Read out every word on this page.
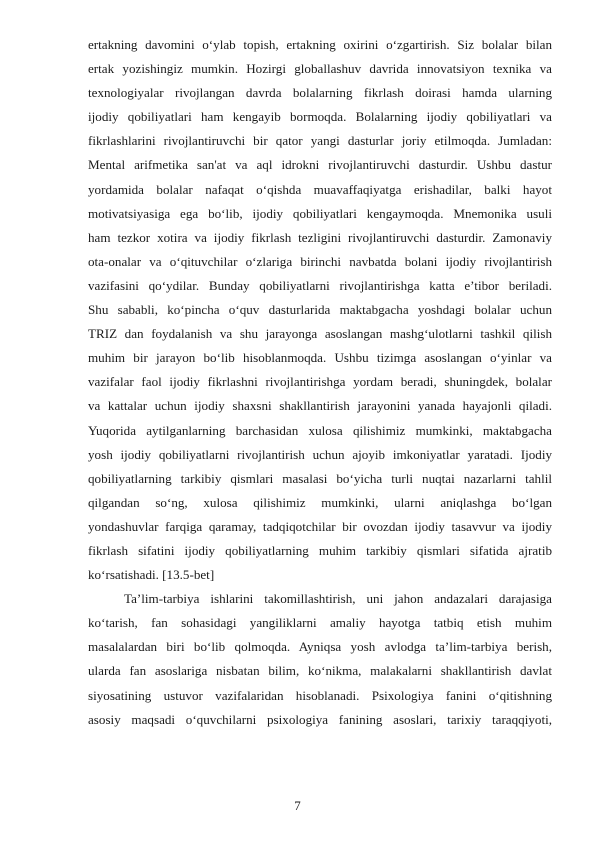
ertakning davomini o‘ylab topish, ertakning oxirini o‘zgartirish. Siz bolalar bilan
ertak yozishingiz mumkin. Hozirgi globallashuv davrida innovatsiyon texnika va
texnologiyalar rivojlangan davrda bolalarning fikrlash doirasi hamda ularning
ijodiy qobiliyatlari ham kengayib bormoqda. Bolalarning ijodiy qobiliyatlari va
fikrlashlarini rivojlantiruvchi bir qator yangi dasturlar joriy etilmoqda. Jumladan:
Mental arifmetika san'at va aql idrokni rivojlantiruvchi dasturdir. Ushbu dastur
yordamida bolalar nafaqat o‘qishda muavaffaqiyatga erishadilar, balki hayot
motivatsiyasiga ega bo‘lib, ijodiy qobiliyatlari kengaymoqda. Mnemonika usuli
ham tezkor xotira va ijodiy fikrlash tezligini rivojlantiruvchi dasturdir. Zamonaviy
ota-onalar va o‘qituvchilar o‘zlariga birinchi navbatda bolani ijodiy rivojlantirish
vazifasini qo‘ydilar. Bunday qobiliyatlarni rivojlantirishga katta e’tibor beriladi.
Shu sababli, ko‘pincha o‘quv dasturlarida maktabgacha yoshdagi bolalar uchun
TRIZ dan foydalanish va shu jarayonga asoslangan mashg‘ulotlarni tashkil qilish
muhim bir jarayon bo‘lib hisoblanmoqda. Ushbu tizimga asoslangan o‘yinlar va
vazifalar faol ijodiy fikrlashni rivojlantirishga yordam beradi, shuningdek, bolalar
va kattalar uchun ijodiy shaxsni shakllantirish jarayonini yanada hayajonli qiladi.
Yuqorida aytilganlarning barchasidan xulosa qilishimiz mumkinki, maktabgacha
yosh ijodiy qobiliyatlarni rivojlantirish uchun ajoyib imkoniyatlar yaratadi. Ijodiy
qobiliyatlarning tarkibiy qismlari masalasi bo‘yicha turli nuqtai nazarlarni tahlil
qilgandan so‘ng, xulosa qilishimiz mumkinki, ularni aniqlashga bo‘lgan
yondashuvlar farqiga qaramay, tadqiqotchilar bir ovozdan ijodiy tasavvur va ijodiy
fikrlash sifatini ijodiy qobiliyatlarning muhim tarkibiy qismlari sifatida ajratib
ko‘rsatishadi. [13.5-bet]
Ta’lim-tarbiya ishlarini takomillashtirish, uni jahon andazalari darajasiga
ko‘tarish, fan sohasidagi yangiliklarni amaliy hayotga tatbiq etish muhim
masalalardan biri bo‘lib qolmoqda. Ayniqsa yosh avlodga ta’lim-tarbiya berish,
ularda fan asoslariga nisbatan bilim, ko‘nikma, malakalarni shakllantirish davlat
siyosatining ustuvor vazifalaridan hisoblanadi. Psixologiya fanini o‘qitishning
asosiy maqsadi o‘quvchilarni psixologiya fanining asoslari, tarixiy taraqqiyoti,
7
